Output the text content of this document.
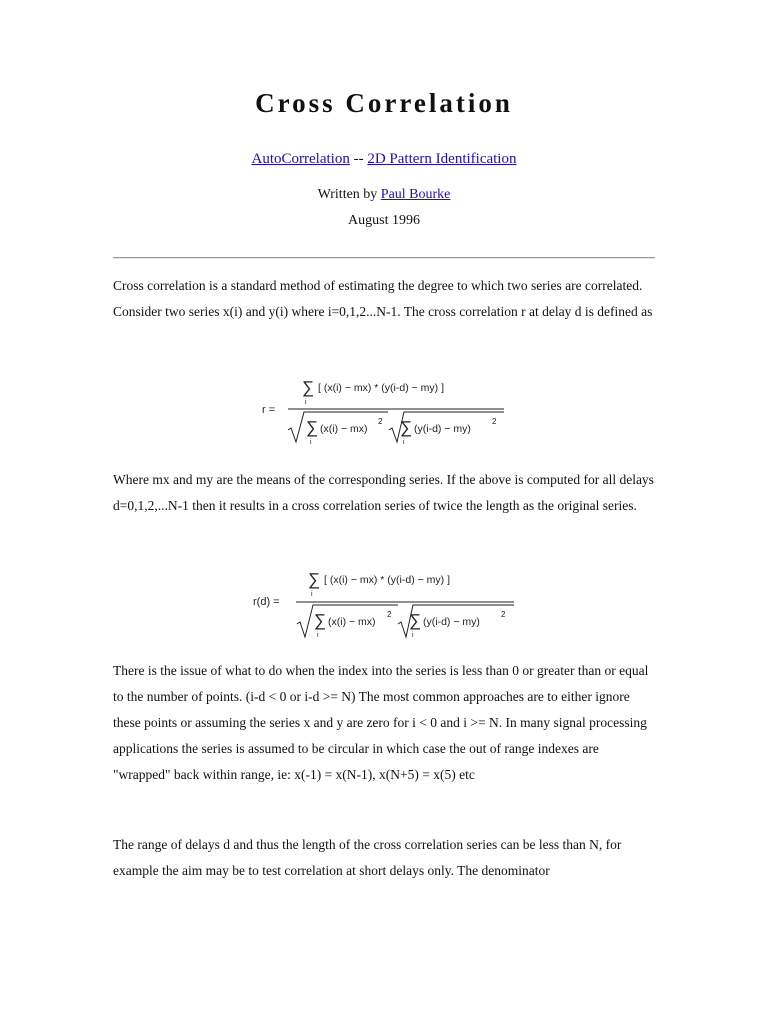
Cross Correlation
AutoCorrelation -- 2D Pattern Identification
Written by Paul Bourke
August 1996

Cross correlation is a standard method of estimating the degree to which two series are correlated. Consider two series x(i) and y(i) where i=0,1,2...N-1. The cross correlation r at delay d is defined as

r =
∑
i
[ (x(i) − mx) * (y(i-d) − my) ]
∑
i
(x(i) − mx)
2 ∑
i
(y(i-d) − my)
2

Where mx and my are the means of the corresponding series. If the above is computed for all delays d=0,1,2,...N-1 then it results in a cross correlation series of twice the length as the original series.

r(d) =
∑
i
[ (x(i) − mx) * (y(i-d) − my) ]
∑
i
(x(i) − mx)
2 ∑
i
(y(i-d) − my)
2

There is the issue of what to do when the index into the series is less than 0 or greater than or equal to the number of points. (i-d < 0 or i-d >= N) The most common approaches are to either ignore these points or assuming the series x and y are zero for i < 0 and i >= N. In many signal processing applications the series is assumed to be circular in which case the out of range indexes are "wrapped" back within range, ie: x(-1) = x(N-1), x(N+5) = x(5) etc

The range of delays d and thus the length of the cross correlation series can be less than N, for example the aim may be to test correlation at short delays only. The denominator
